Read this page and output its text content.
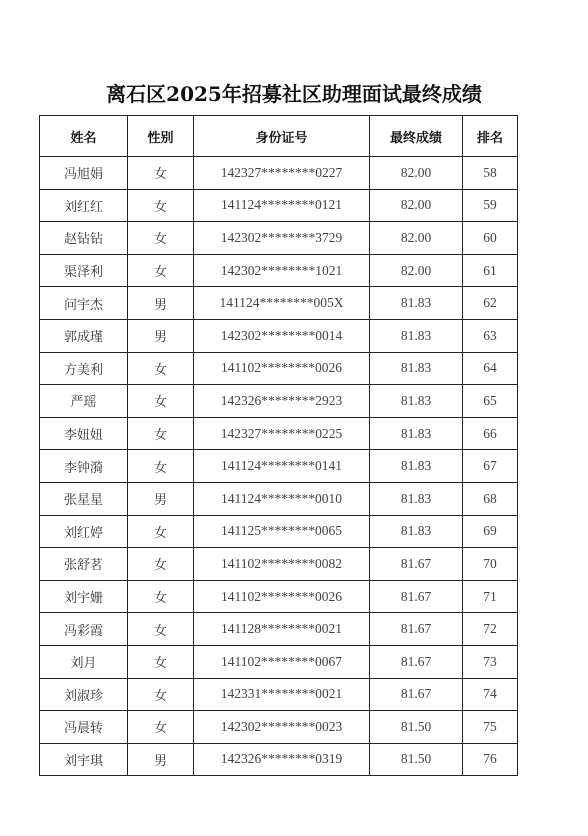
离石区2025年招募社区助理面试最终成绩
姓名	性别	身份证号	最终成绩	排名
冯旭娟	女	142327********0227	82.00	58
刘红红	女	141124********0121	82.00	59
赵钻钻	女	142302********3729	82.00	60
渠泽利	女	142302********1021	82.00	61
问宇杰	男	141124********005X	81.83	62
郭成瑾	男	142302********0014	81.83	63
方美利	女	141102********0026	81.83	64
严瑶	女	142326********2923	81.83	65
李妞妞	女	142327********0225	81.83	66
李钟漪	女	141124********0141	81.83	67
张星星	男	141124********0010	81.83	68
刘红婷	女	141125********0065	81.83	69
张舒茗	女	141102********0082	81.67	70
刘宇姗	女	141102********0026	81.67	71
冯彩霞	女	141128********0021	81.67	72
刘月	女	141102********0067	81.67	73
刘淑珍	女	142331********0021	81.67	74
冯晨转	女	142302********0023	81.50	75
刘宇琪	男	142326********0319	81.50	76
